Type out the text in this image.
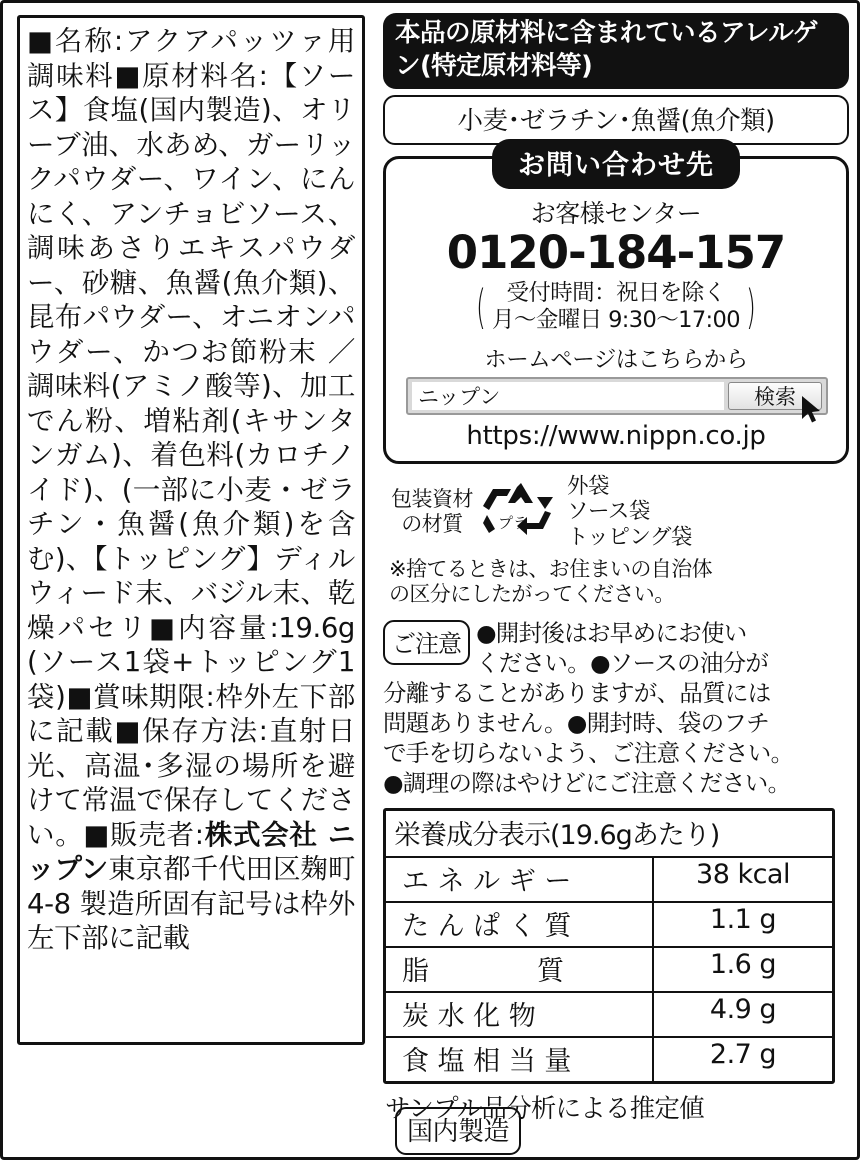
■名称:アクアパッツァ用調味料■原材料名:【ソース】食塩(国内製造)、オリーブ油、水あめ、ガーリックパウダー、ワイン、にんにく、アンチョビソース、調味あさりエキスパウダー、砂糖、魚醤(魚介類)、昆布パウダー、オニオンパウダー、かつお節粉末 ／ 調味料(アミノ酸等)、加工でん粉、増粘剤(キサンタンガム)、着色料(カロチノイド)、(一部に小麦・ゼラチン・魚醤(魚介類)を含む)、【トッピング】ディルウィード末、バジル末、乾燥パセリ■内容量:19.6g(ソース1袋+トッピング1袋)■賞味期限:枠外左下部に記載■保存方法:直射日光、高温･多湿の場所を避けて常温で保存してください。■販売者:株式会社 ニップン東京都千代田区麹町4-8 製造所固有記号は枠外左下部に記載
本品の原材料に含まれているアレルゲン(特定原材料等)
小麦･ゼラチン･魚醤(魚介類)
お問い合わせ先
お客様センター
0120-184-157
( 受付時間：祝日を除く
月～金曜日 9:30～17:00 )
ホームページはこちらから
ニップン
検索
https://www.nippn.co.jp
包装資材
の材質	プラ
外袋
ソース袋
トッピング袋
※捨てるときは、お住まいの自治体
の区分にしたがってください。
ご注意 ●開封後はお早めにお使い
ください。●ソースの油分が
分離することがありますが、品質には
問題ありません。●開封時、袋のフチ
で手を切らないよう、ご注意ください。
●調理の際はやけどにご注意ください。
栄養成分表示(19.6gあたり)
エ ネ ル ギ ー	38 kcal
た ん ぱ く 質	1.1 g
脂　　　　質	1.6 g
炭 水 化 物	4.9 g
食 塩 相 当 量	2.7 g
サンプル品分析による推定値
国内製造
